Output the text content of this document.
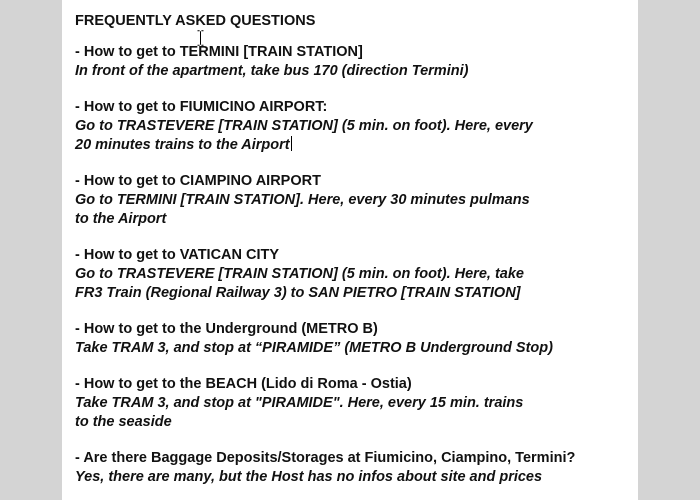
FREQUENTLY ASKED QUESTIONS
- How to get to TERMINI [TRAIN STATION]
In front of the apartment, take bus 170 (direction Termini)
- How to get to FIUMICINO AIRPORT:
Go to TRASTEVERE [TRAIN STATION] (5 min. on foot). Here, every
20 minutes trains to the Airport
- How to get to CIAMPINO AIRPORT
Go to TERMINI [TRAIN STATION]. Here, every 30 minutes pulmans
to the Airport
- How to get to VATICAN CITY
Go to TRASTEVERE [TRAIN STATION] (5 min. on foot). Here, take
FR3 Train (Regional Railway 3) to SAN PIETRO [TRAIN STATION]
- How to get to the Underground (METRO B)
Take TRAM 3, and stop at “PIRAMIDE” (METRO B Underground Stop)
- How to get to the BEACH (Lido di Roma - Ostia)
Take TRAM 3, and stop at "PIRAMIDE". Here, every 15 min. trains
to the seaside
- Are there Baggage Deposits/Storages at Fiumicino, Ciampino, Termini?
Yes, there are many, but the Host has no infos about site and prices
